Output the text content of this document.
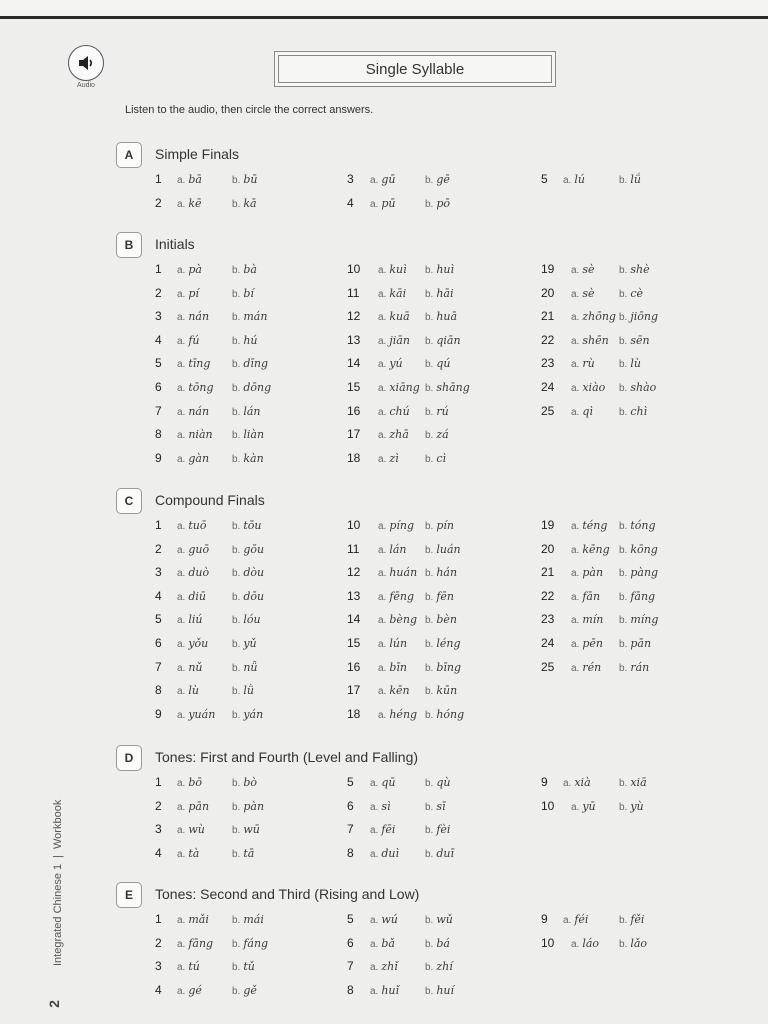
Audio
Single Syllable
Listen to the audio, then circle the correct answers.
A	Simple Finals
1 a. bā	b. bū
2 a. kē	b. kā
3 a. gū	b. gē
4 a. pū	b. pō
5 a. lú	b. lǘ
B	Initials
1 a. pà	b. bà
2 a. pí	b. bí
3 a. nán b. mán
4 a. fú	b. hú
5 a. tīng b. dīng
6 a. tōng b. dōng
7 a. nán b. lán
8 a. niàn b. liàn
9 a. gàn b. kàn
10 a. kuì b. huì
11 a. kāi b. hāi
12 a. kuā b. huā
13 a. jiān b. qiān
14 a. yú b. qú
15 a. xiāng b. shāng
16 a. chú b. rú
17 a. zhā b. zá
18 a. zì	b. cì
19 a. sè b. shè
20 a. sè b. cè
21 a. zhōng b. jiōng
22 a. shēn b. sēn
23 a. rù b. lù
24 a. xiào b. shào
25 a. qì	b. chì
C	Compound Finals
1 a. tuō	b. tōu
2 a. guō b. gōu
3 a. duò b. dòu
4 a. diū	b. dōu
5 a. liú	b. lóu
6 a. yǒu b. yǔ
7 a. nǔ	b. nǚ
8 a. lù	b. lǜ
9 a. yuán b. yán
10 a. píng b. pín
11 a. lán b. luán
12 a. huán b. hán
13 a. fēng b. fēn
14 a. bèng b. bèn
15 a. lún b. léng
16 a. bīn b. bīng
17 a. kēn b. kūn
18 a. héng b. hóng
19 a. téng b. tóng
20 a. kēng b. kōng
21 a. pàn b. pàng
22 a. fān b. fāng
23 a. mín b. míng
24 a. pēn b. pān
25 a. rén b. rán
D	Tones: First and Fourth (Level and Falling)
1 a. bō	b. bò
2 a. pān b. pàn
3 a. wù	b. wū
4 a. tà	b. tā
5 a. qū	b. qù
6 a. sì	b. sī
7 a. fēi	b. fèi
8 a. duì	b. duī
9 a. xià	b. xiā
10 a. yū b. yù
E	Tones: Second and Third (Rising and Low)
1 a. mǎi b. mái
2 a. fāng b. fáng
3 a. tú	b. tǔ
4 a. gé	b. gě
5 a. wú	b. wǔ
6 a. bǎ	b. bá
7 a. zhǐ	b. zhí
8 a. huǐ	b. huí
9 a. féi	b. fěi
10 a. láo b. lǎo
Integrated Chinese 1|Workbook
2
